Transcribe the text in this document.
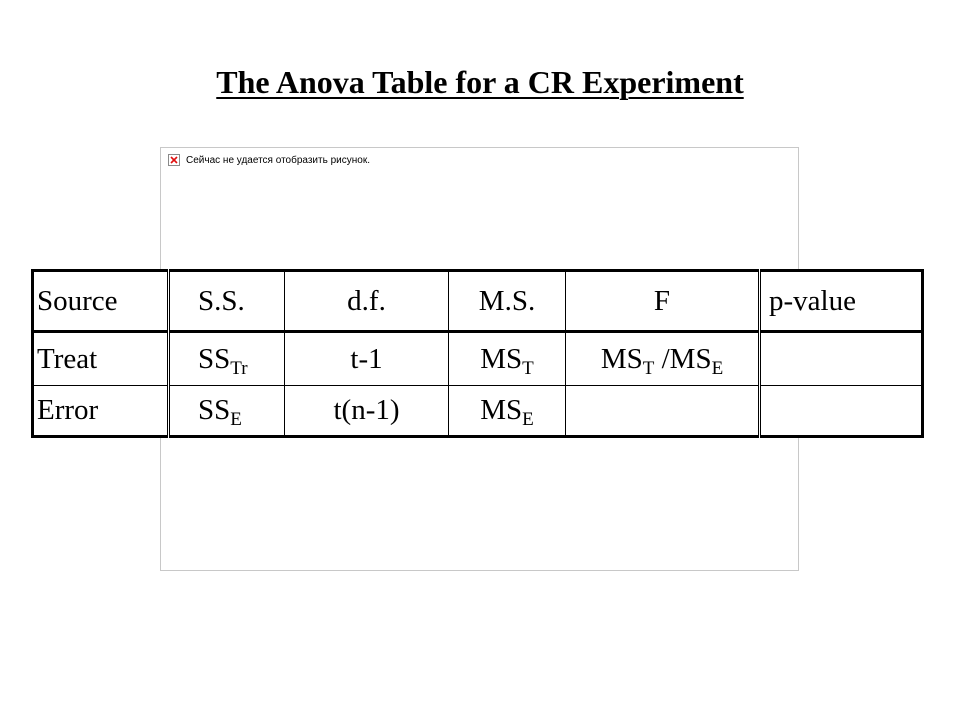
The Anova Table for a CR Experiment
Сейчас не удается отобразить рисунок.
Source	S.S.	d.f.	M.S.	F	p-value
Treat	$SS_{Tr}$	t-1	$MS_T$	$MS_T$ $/MS_E$	
Error	$SS_E$	t(n-1)	$MS_E$		
